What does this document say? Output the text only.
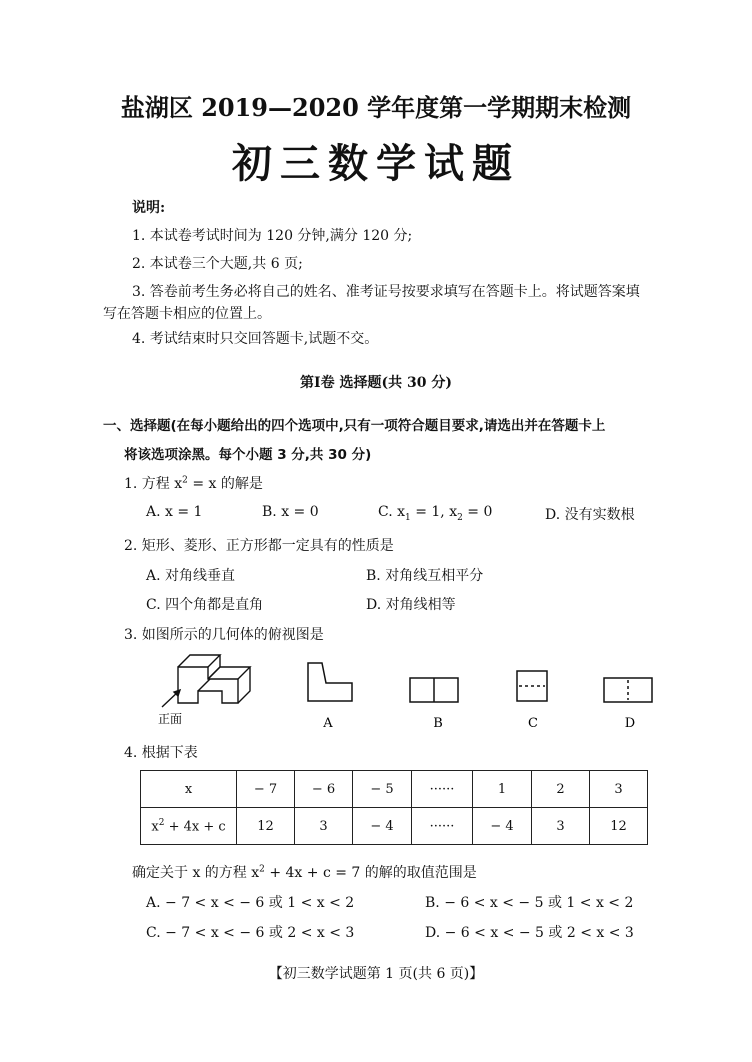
盐湖区 2019—2020 学年度第一学期期末检测
初三数学试题
说明:
1. 本试卷考试时间为 120 分钟,满分 120 分;
2. 本试卷三个大题,共 6 页;
3. 答卷前考生务必将自己的姓名、准考证号按要求填写在答题卡上。将试题答案填
写在答题卡相应的位置上。
4. 考试结束时只交回答题卡,试题不交。
第Ⅰ卷 选择题(共 30 分)
一、选择题(在每小题给出的四个选项中,只有一项符合题目要求,请选出并在答题卡上
将该选项涂黑。每个小题 3 分,共 30 分)
1. 方程 $x^2 = x$ 的解是
A. x = 1	B. x = 0	C. $x_1 = 1$, $x_2 = 0$	D. 没有实数根
2. 矩形、菱形、正方形都一定具有的性质是
A. 对角线垂直	B. 对角线互相平分
C. 四个角都是直角	D. 对角线相等
3. 如图所示的几何体的俯视图是
正面	A	B	C	D
4. 根据下表
x	− 7	− 6	− 5	······	1	2	3
$x^2 + 4x + c$	12	3	− 4	······	− 4	3	12
确定关于 x 的方程 $x^2 + 4x + c = 7$ 的解的取值范围是
A. − 7 < x < − 6 或 1 < x < 2	B. − 6 < x < − 5 或 1 < x < 2
C. − 7 < x < − 6 或 2 < x < 3	D. − 6 < x < − 5 或 2 < x < 3
【初三数学试题第 1 页(共 6 页)】
